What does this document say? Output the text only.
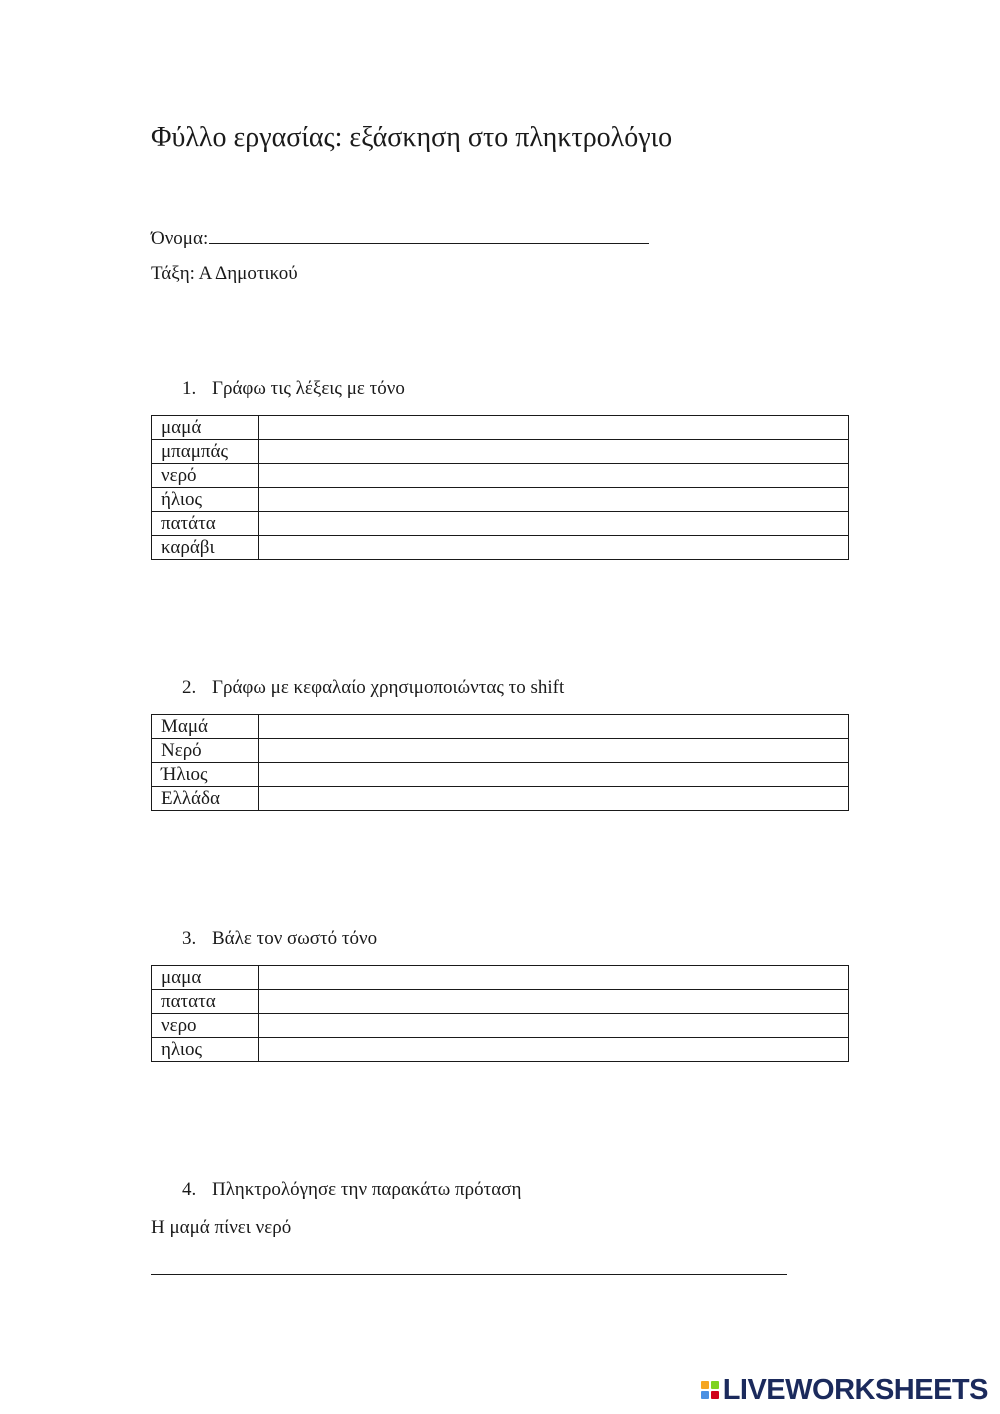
Φύλλο εργασίας: εξάσκηση στο πληκτρολόγιο
Όνομα:
Τάξη: Α Δημοτικού
1. Γράφω τις λέξεις με τόνο
μαμά	
μπαμπάς	
νερό	
ήλιος	
πατάτα	
καράβι	
2. Γράφω με κεφαλαίο χρησιμοποιώντας το shift
Μαμά	
Νερό	
Ήλιος	
Ελλάδα	
3. Βάλε τον σωστό τόνο
μαμα	
πατατα	
νερο	
ηλιος	
4. Πληκτρολόγησε την παρακάτω πρόταση
Η μαμά πίνει νερό
LIVEWORKSHEETS
